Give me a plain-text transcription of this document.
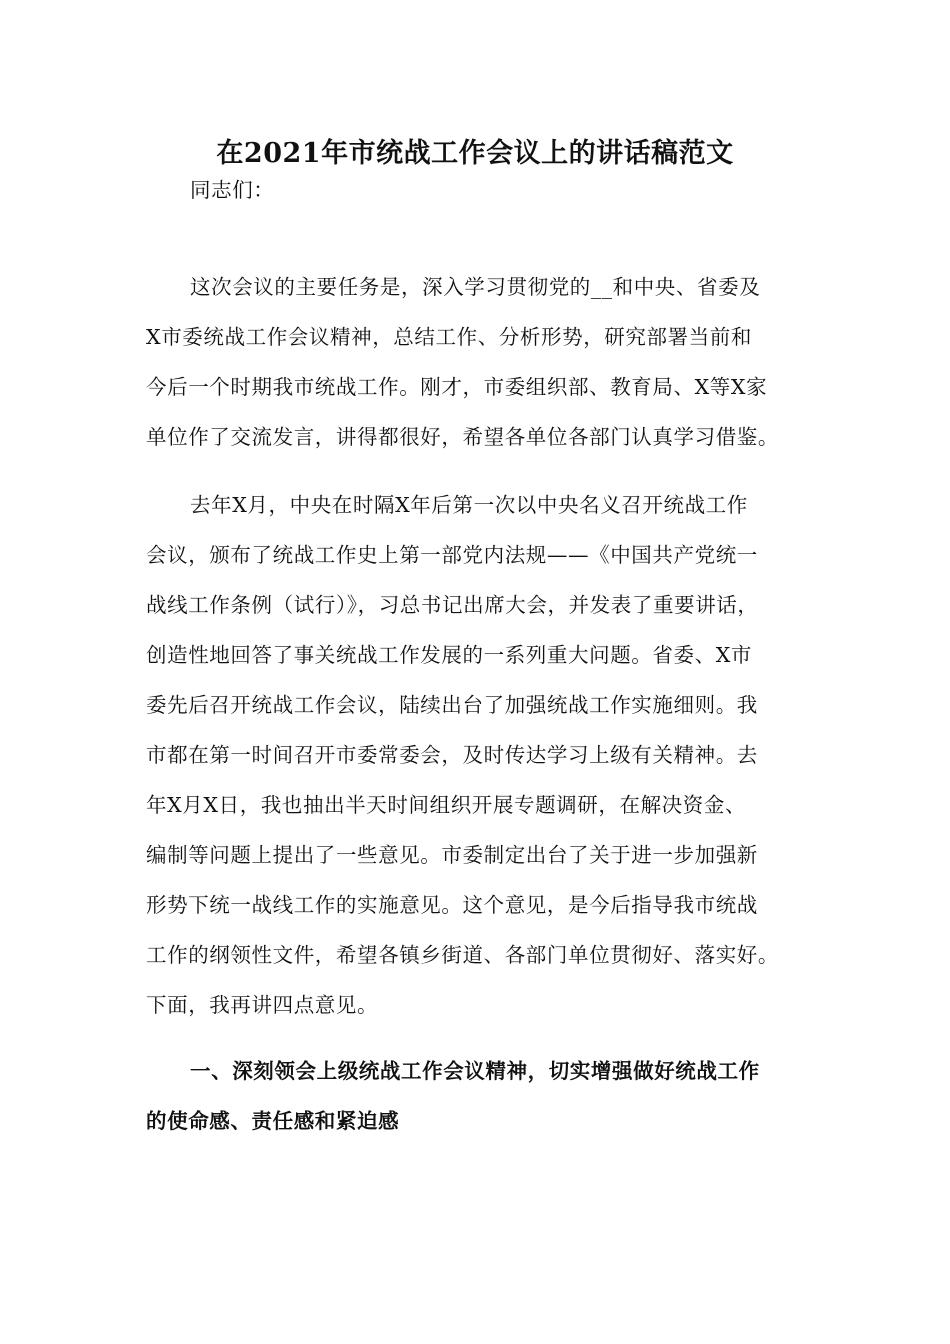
在2021年市统战工作会议上的讲话稿范文
同志们：
这次会议的主要任务是，深入学习贯彻党的__和中央、省委及
X市委统战工作会议精神，总结工作、分析形势，研究部署当前和
今后一个时期我市统战工作。刚才，市委组织部、教育局、X等X家
单位作了交流发言，讲得都很好，希望各单位各部门认真学习借鉴。
去年X月，中央在时隔X年后第一次以中央名义召开统战工作
会议，颁布了统战工作史上第一部党内法规——《中国共产党统一
战线工作条例（试行）》，习总书记出席大会，并发表了重要讲话，
创造性地回答了事关统战工作发展的一系列重大问题。省委、X市
委先后召开统战工作会议，陆续出台了加强统战工作实施细则。我
市都在第一时间召开市委常委会，及时传达学习上级有关精神。去
年X月X日，我也抽出半天时间组织开展专题调研，在解决资金、
编制等问题上提出了一些意见。市委制定出台了关于进一步加强新
形势下统一战线工作的实施意见。这个意见，是今后指导我市统战
工作的纲领性文件，希望各镇乡街道、各部门单位贯彻好、落实好。
下面，我再讲四点意见。
一、深刻领会上级统战工作会议精神，切实增强做好统战工作
的使命感、责任感和紧迫感
